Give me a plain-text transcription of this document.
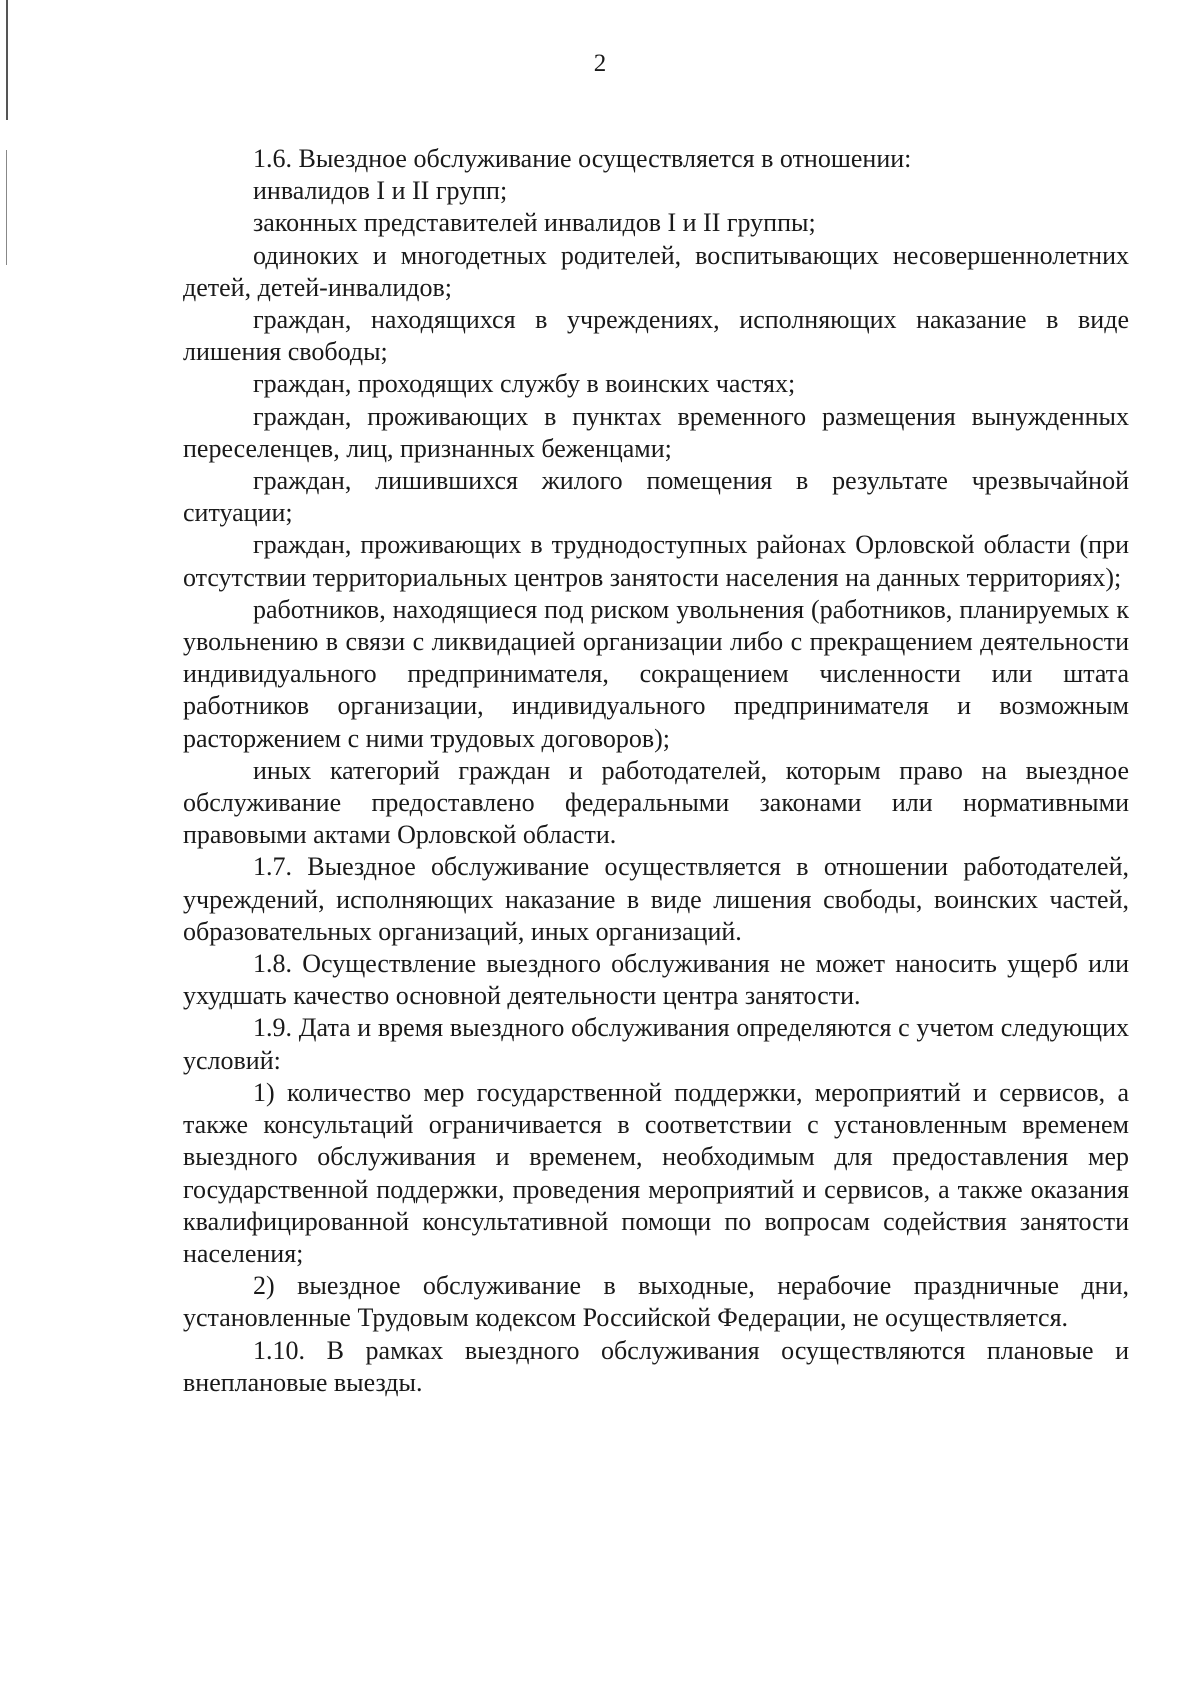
2

1.6. Выездное обслуживание осуществляется в отношении:

инвалидов I и II групп;

законных представителей инвалидов I и II группы;

одиноких и многодетных родителей, воспитывающих несовершеннолетних детей, детей-инвалидов;

граждан, находящихся в учреждениях, исполняющих наказание в виде лишения свободы;

граждан, проходящих службу в воинских частях;

граждан, проживающих в пунктах временного размещения вынужденных переселенцев, лиц, признанных беженцами;

граждан, лишившихся жилого помещения в результате чрезвычайной ситуации;

граждан, проживающих в труднодоступных районах Орловской области (при отсутствии территориальных центров занятости населения на данных территориях);

работников, находящиеся под риском увольнения (работников, планируемых к увольнению в связи с ликвидацией организации либо с прекращением деятельности индивидуального предпринимателя, сокращением численности или штата работников организации, индивидуального предпринимателя и возможным расторжением с ними трудовых договоров);

иных категорий граждан и работодателей, которым право на выездное обслуживание предоставлено федеральными законами или нормативными правовыми актами Орловской области.

1.7. Выездное обслуживание осуществляется в отношении работодателей, учреждений, исполняющих наказание в виде лишения свободы, воинских частей, образовательных организаций, иных организаций.

1.8. Осуществление выездного обслуживания не может наносить ущерб или ухудшать качество основной деятельности центра занятости.

1.9. Дата и время выездного обслуживания определяются с учетом следующих условий:

1) количество мер государственной поддержки, мероприятий и сервисов, а также консультаций ограничивается в соответствии с установленным временем выездного обслуживания и временем, необходимым для предоставления мер государственной поддержки, проведения мероприятий и сервисов, а также оказания квалифицированной консультативной помощи по вопросам содействия занятости населения;

2) выездное обслуживание в выходные, нерабочие праздничные дни, установленные Трудовым кодексом Российской Федерации, не осуществляется.

1.10. В рамках выездного обслуживания осуществляются плановые и внеплановые выезды.
